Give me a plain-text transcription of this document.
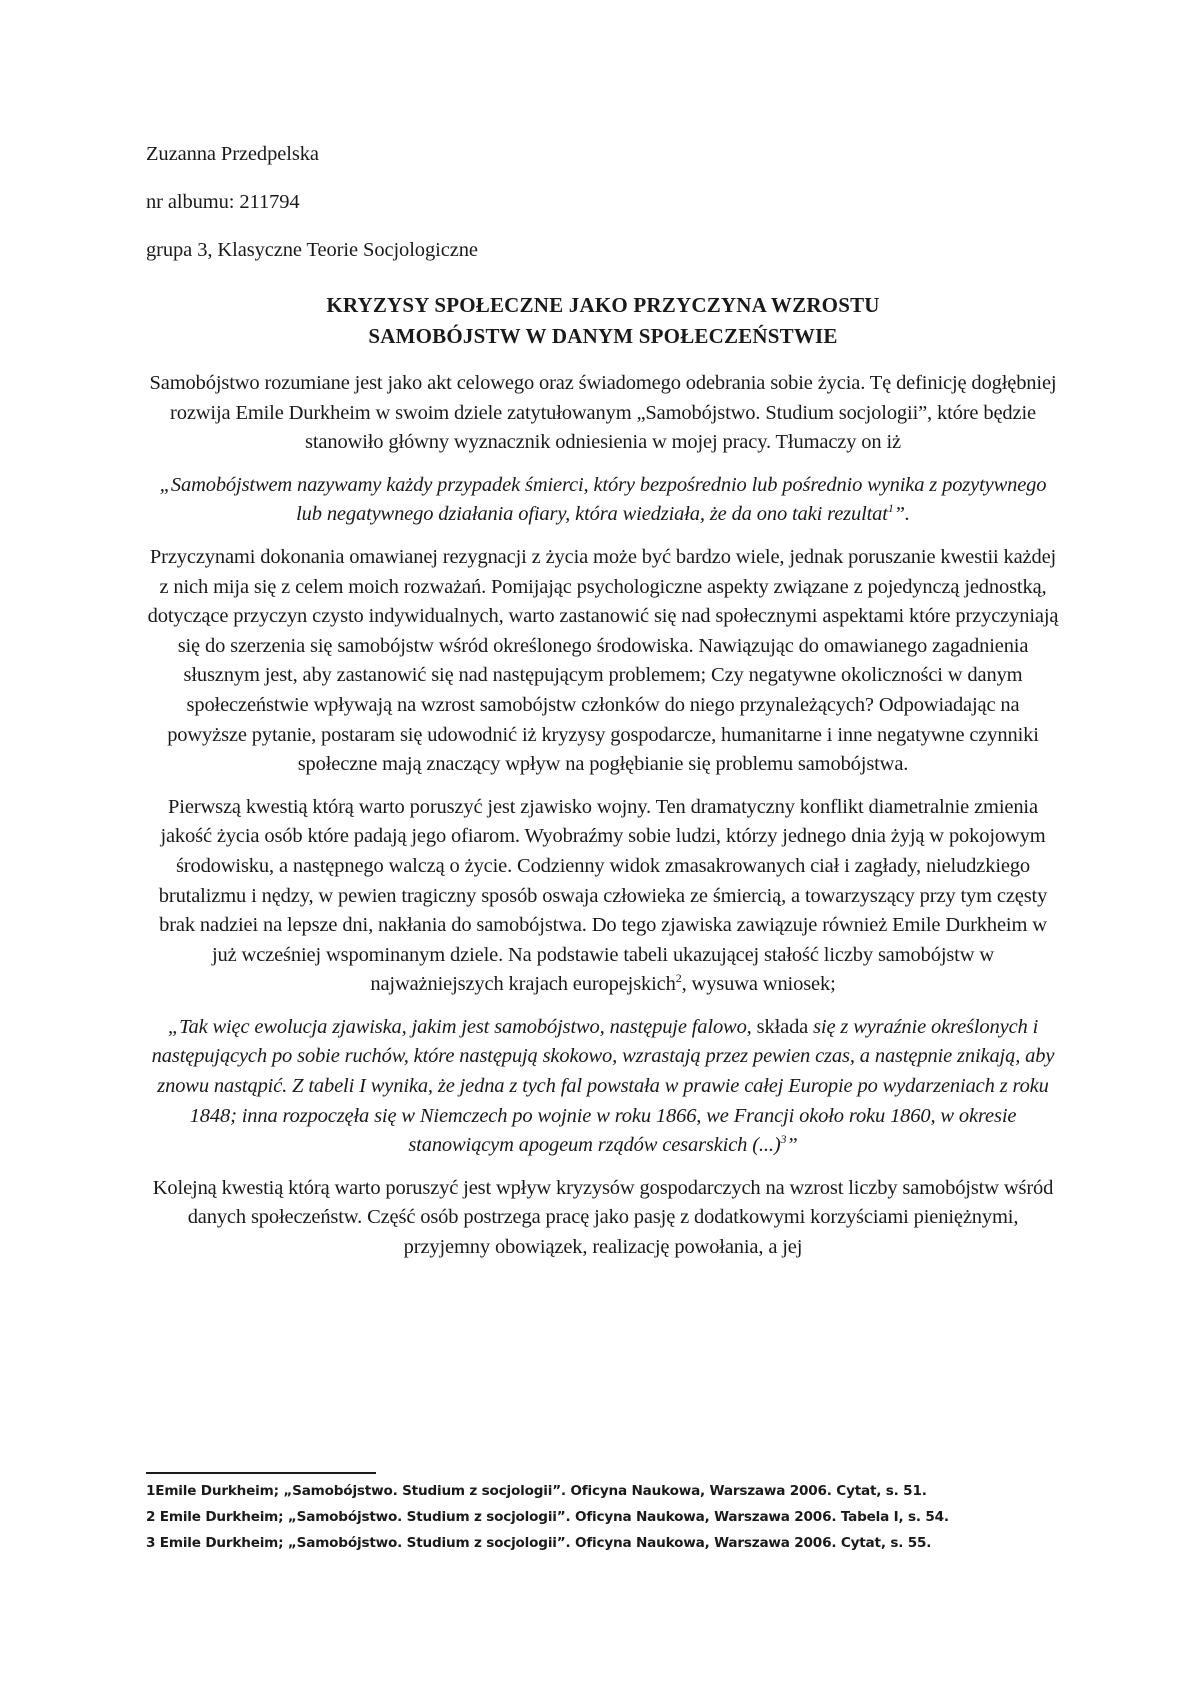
Zuzanna Przedpelska

nr albumu: 211794

grupa 3, Klasyczne Teorie Socjologiczne

KRYZYSY SPOŁECZNE JAKO PRZYCZYNA WZROSTU
SAMOBÓJSTW W DANYM SPOŁECZEŃSTWIE

Samobójstwo rozumiane jest jako akt celowego oraz świadomego odebrania sobie życia. Tę definicję dogłębniej rozwija Emile Durkheim w swoim dziele zatytułowanym „Samobójstwo. Studium socjologii”, które będzie stanowiło główny wyznacznik odniesienia w mojej pracy. Tłumaczy on iż

„Samobójstwem nazywamy każdy przypadek śmierci, który bezpośrednio lub pośrednio wynika z pozytywnego lub negatywnego działania ofiary, która wiedziała, że da ono taki rezultat$^1$”.

Przyczynami dokonania omawianej rezygnacji z życia może być bardzo wiele, jednak poruszanie kwestii każdej z nich mija się z celem moich rozważań. Pomijając psychologiczne aspekty związane z pojedynczą jednostką, dotyczące przyczyn czysto indywidualnych, warto zastanowić się nad społecznymi aspektami które przyczyniają się do szerzenia się samobójstw wśród określonego środowiska. Nawiązując do omawianego zagadnienia słusznym jest, aby zastanowić się nad następującym problemem; Czy negatywne okoliczności w danym społeczeństwie wpływają na wzrost samobójstw członków do niego przynależących? Odpowiadając na powyższe pytanie, postaram się udowodnić iż kryzysy gospodarcze, humanitarne i inne negatywne czynniki społeczne mają znaczący wpływ na pogłębianie się problemu samobójstwa.

Pierwszą kwestią którą warto poruszyć jest zjawisko wojny. Ten dramatyczny konflikt diametralnie zmienia jakość życia osób które padają jego ofiarom. Wyobraźmy sobie ludzi, którzy jednego dnia żyją w pokojowym środowisku, a następnego walczą o życie. Codzienny widok zmasakrowanych ciał i zagłady, nieludzkiego brutalizmu i nędzy, w pewien tragiczny sposób oswaja człowieka ze śmiercią, a towarzyszący przy tym częsty brak nadziei na lepsze dni, nakłania do samobójstwa. Do tego zjawiska zawiązuje również Emile Durkheim w już wcześniej wspominanym dziele. Na podstawie tabeli ukazującej stałość liczby samobójstw w najważniejszych krajach europejskich$^2$, wysuwa wniosek;

„Tak więc ewolucja zjawiska, jakim jest samobójstwo, następuje falowo, składa się z wyraźnie określonych i następujących po sobie ruchów, które następują skokowo, wzrastają przez pewien czas, a następnie znikają, aby znowu nastąpić. Z tabeli I wynika, że jedna z tych fal powstała w prawie całej Europie po wydarzeniach z roku 1848; inna rozpoczęła się w Niemczech po wojnie w roku 1866, we Francji około roku 1860, w okresie stanowiącym apogeum rządów cesarskich (...)$^3$”

Kolejną kwestią którą warto poruszyć jest wpływ kryzysów gospodarczych na wzrost liczby samobójstw wśród danych społeczeństw. Część osób postrzega pracę jako pasję z dodatkowymi korzyściami pieniężnymi, przyjemny obowiązek, realizację powołania, a jej

1Emile Durkheim; „Samobójstwo. Studium z socjologii”. Oficyna Naukowa, Warszawa 2006. Cytat, s. 51.
2 Emile Durkheim; „Samobójstwo. Studium z socjologii”. Oficyna Naukowa, Warszawa 2006. Tabela I, s. 54.
3 Emile Durkheim; „Samobójstwo. Studium z socjologii”. Oficyna Naukowa, Warszawa 2006. Cytat, s. 55.
